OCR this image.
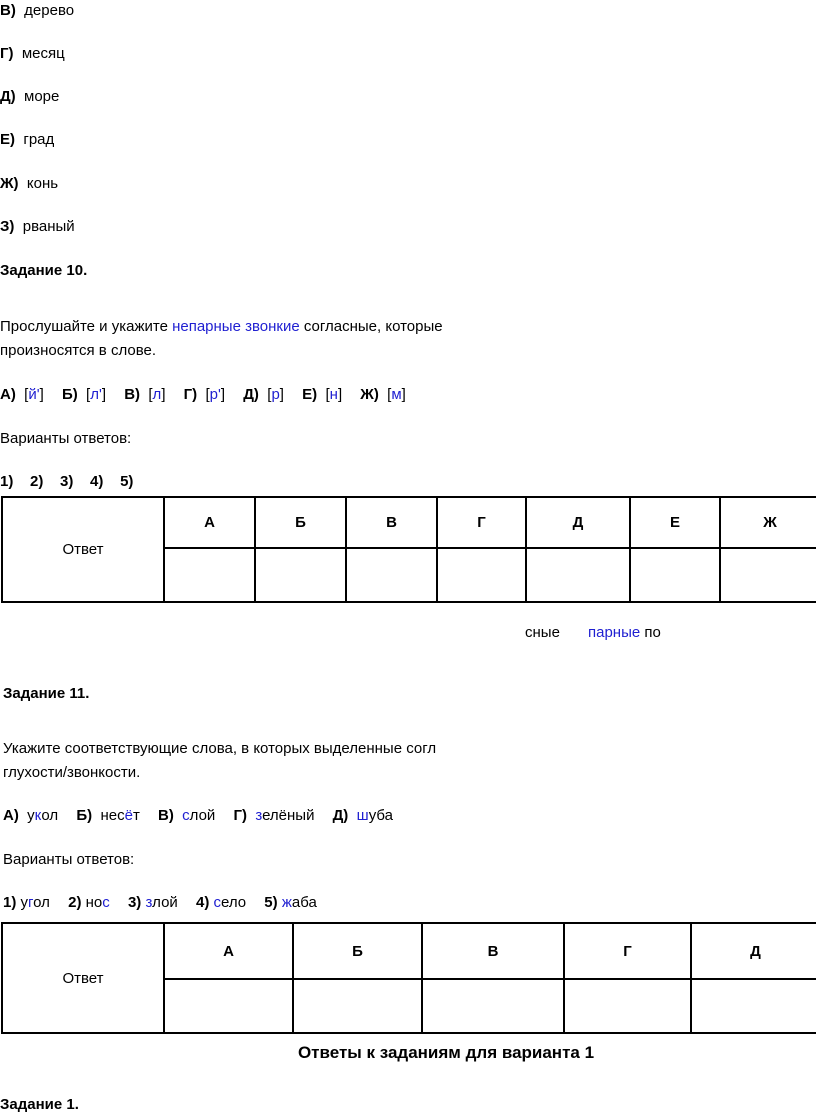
В) дерево
Г) месяц
Д) море
Е) град
Ж) конь
З) рваный
Задание 10.
Прослушайте и укажите непарные звонкие согласные, которые
произносятся в слове.
А)  [й'] Б)  [л'] В)  [л] Г)  [р'] Д)  [р] Е)  [н] Ж)  [м]
Варианты ответов:
1) 2) 3) 4) 5)
Ответ	А	Б	В	Г	Д	Е	Ж

сные парные по
Задание 11.
Укажите соответствующие слова, в которых выделенные согл
глухости/звонкости.
А) укол Б) несёт В) слой Г) зелёный Д) шуба
Варианты ответов:
1) угол 2) нос 3) злой 4) село 5) жаба
Ответ	А	Б	В	Г	Д

Ответы к заданиям для варианта 1
Задание 1.
